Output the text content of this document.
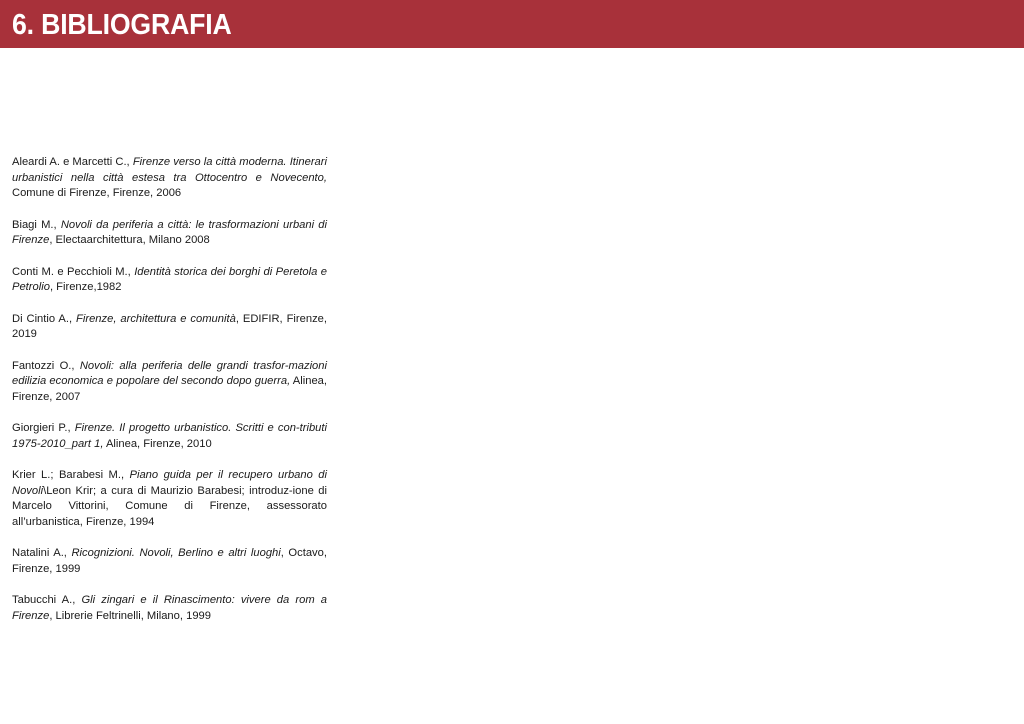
6. BIBLIOGRAFIA
Aleardi A. e Marcetti C., Firenze verso la città moderna. Itinerari urbanistici nella città estesa tra Ottocentro e Novecento, Comune di Firenze, Firenze, 2006
Biagi M., Novoli da periferia a città: le trasformazioni urbani di Firenze, Electaarchitettura, Milano 2008
Conti M. e Pecchioli M., Identità storica dei borghi di Peretola e Petrolio, Firenze,1982
Di Cintio A., Firenze, architettura e comunità, EDIFIR, Firenze, 2019
Fantozzi O., Novoli: alla periferia delle grandi trasfor-mazioni edilizia economica e popolare del secondo dopo guerra, Alinea, Firenze, 2007
Giorgieri P., Firenze. Il progetto urbanistico. Scritti e con-tributi 1975-2010_part 1, Alinea, Firenze, 2010
Krier L.; Barabesi M., Piano guida per il recupero urbano di Novoli\Leon Krir; a cura di Maurizio Barabesi; introduz-ione di Marcelo Vittorini, Comune di Firenze, assessorato all’urbanistica, Firenze, 1994
Natalini A., Ricognizioni. Novoli, Berlino e altri luoghi, Octavo, Firenze, 1999
Tabucchi A., Gli zingari e il Rinascimento: vivere da rom a Firenze, Librerie Feltrinelli, Milano, 1999
